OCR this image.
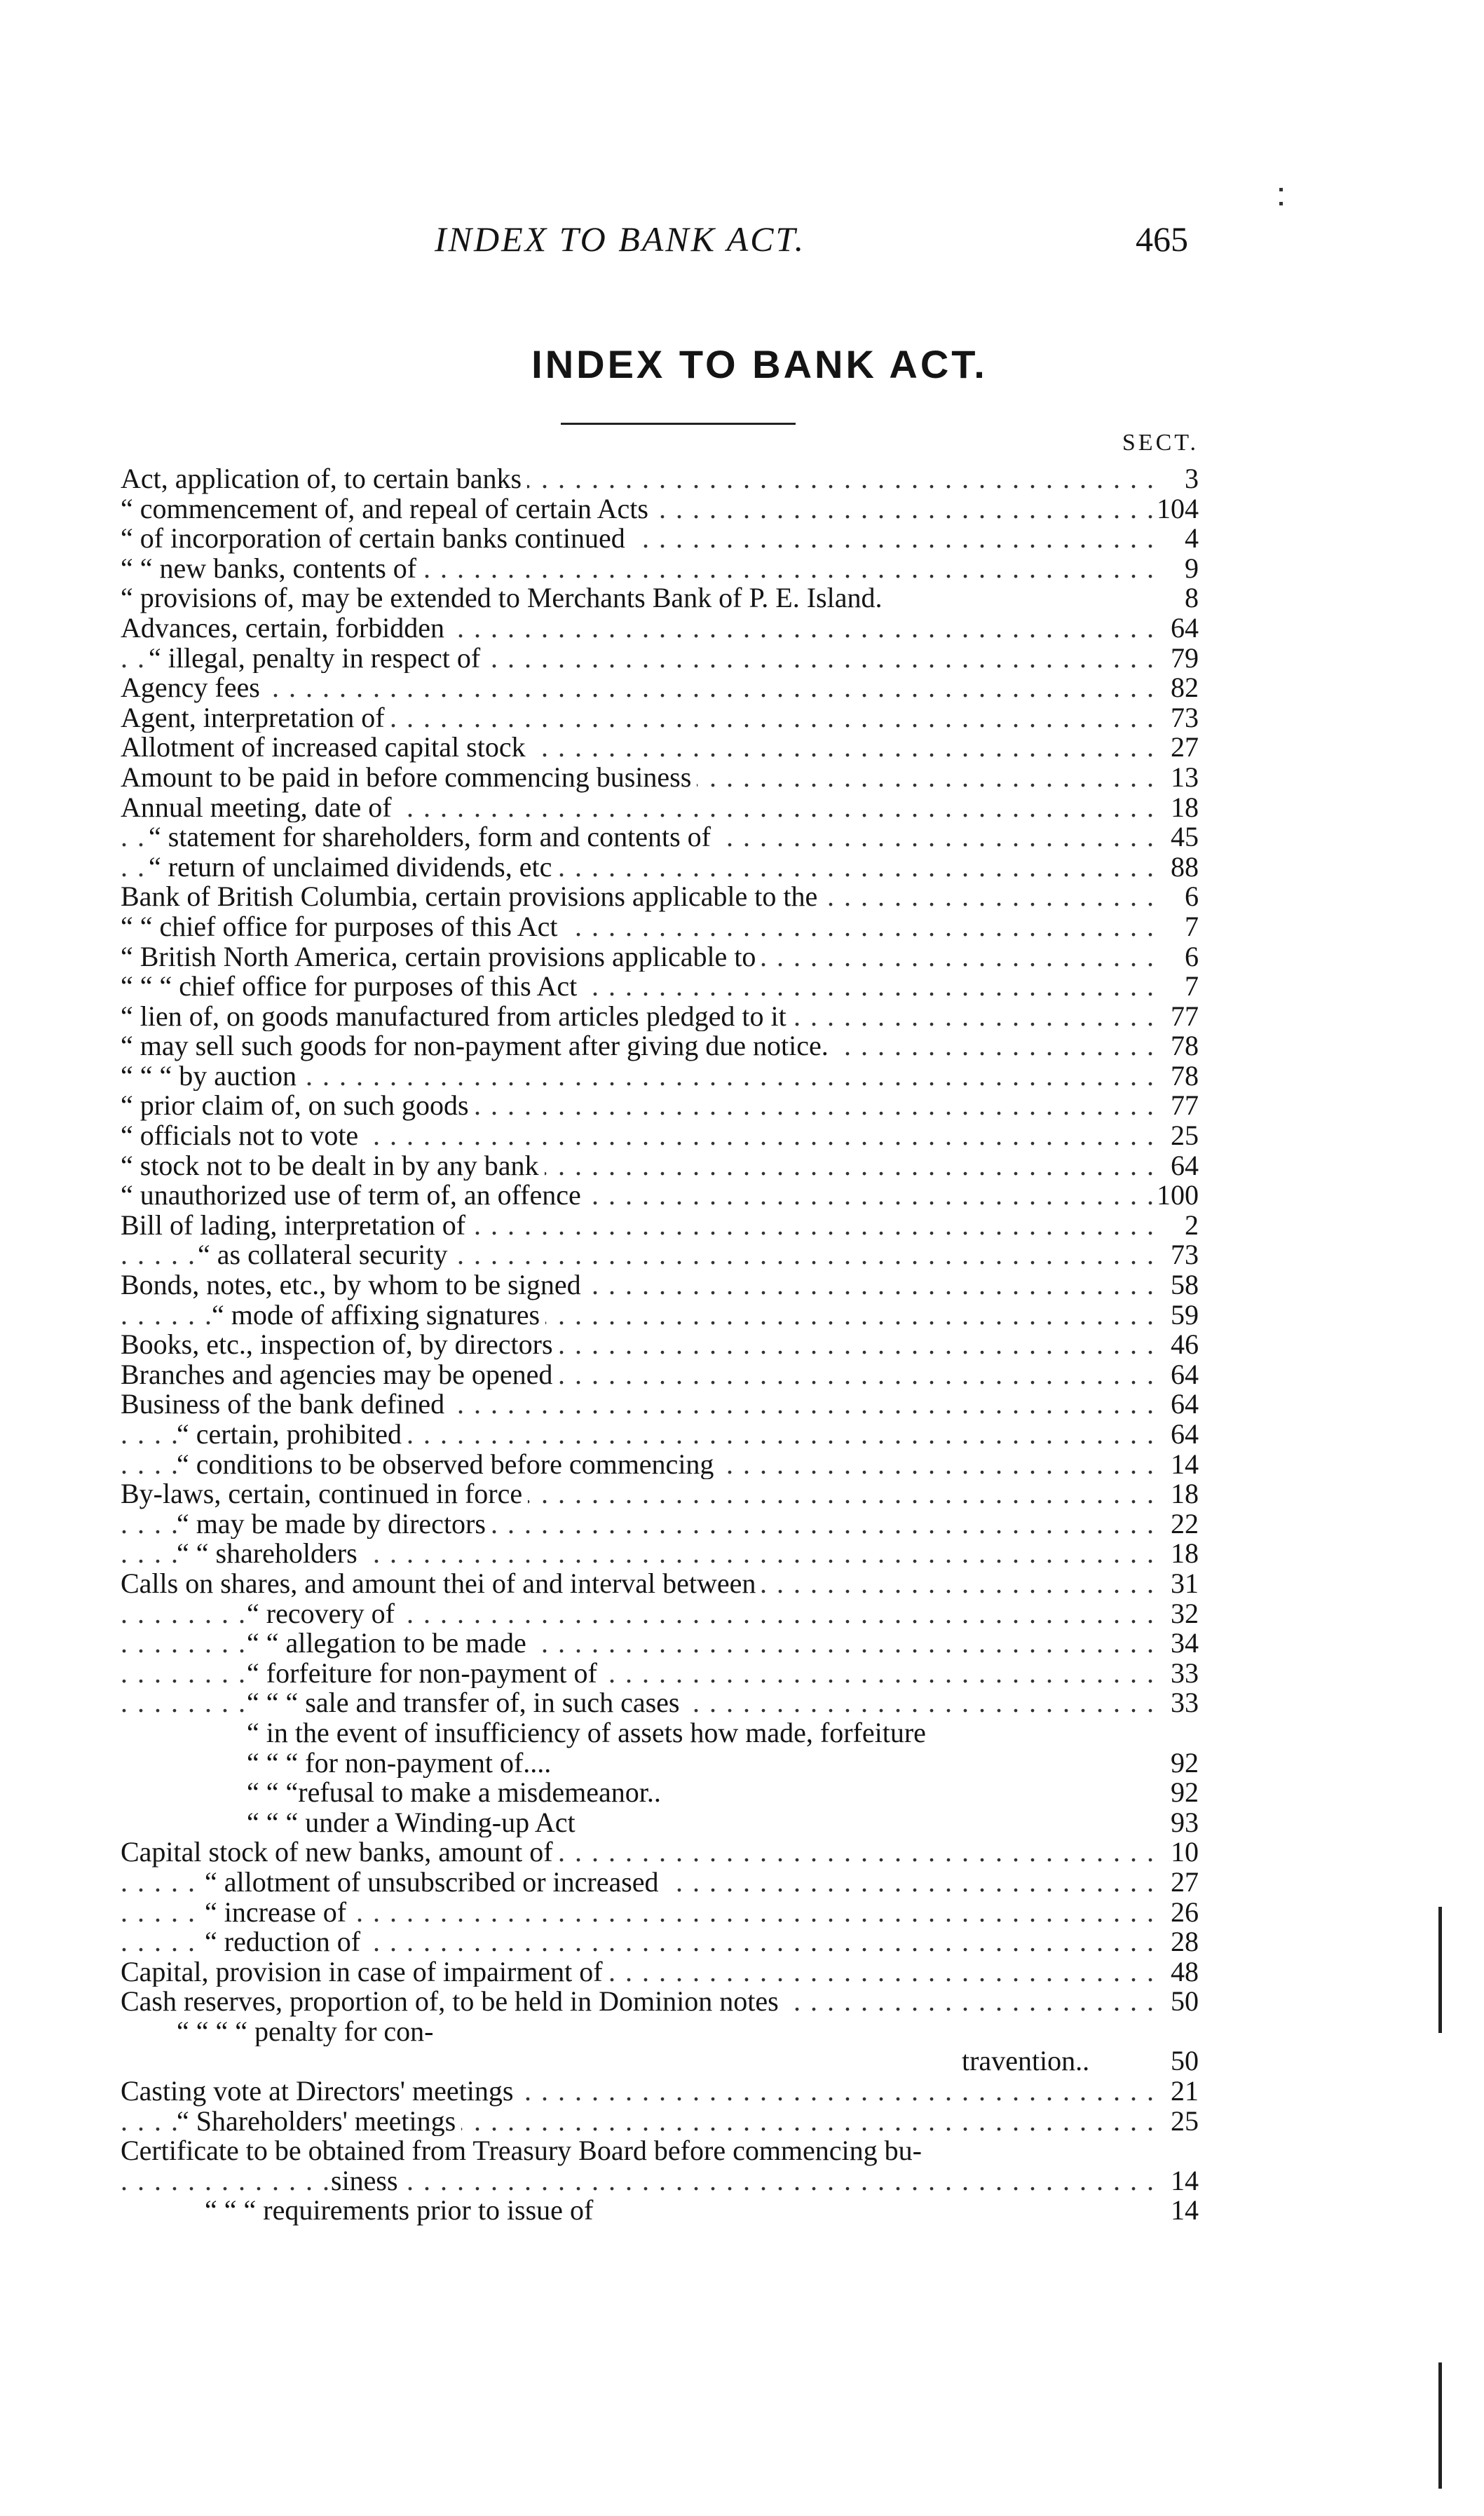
INDEX TO BANK ACT.	465
INDEX TO BANK ACT.
SECT.
. . .
Act, application of, to certain banks	3
. . .
“ commencement of, and repeal of certain Acts	104
. . .
“ of incorporation of certain banks continued	4
. . .
“ “ new banks, contents of	9
“ provisions of, may be extended to Merchants Bank of P. E. Island.	8
. . .
Advances, certain, forbidden	64
. . .
“ illegal, penalty in respect of	79
. . .
Agency fees	82
. . .
Agent, interpretation of	73
. . .
Allotment of increased capital stock	27
. . .
Amount to be paid in before commencing business	13
. . .
Annual meeting, date of	18
. . .
“ statement for shareholders, form and contents of	45
. . .
“ return of unclaimed dividends, etc	88
. . .
Bank of British Columbia, certain provisions applicable to the	6
. . .
“ “ chief office for purposes of this Act	7
. . .
“ British North America, certain provisions applicable to	6
. . .
“ “ “ chief office for purposes of this Act	7
. . .
“ lien of, on goods manufactured from articles pledged to it	77
. . .
“ may sell such goods for non-payment after giving due notice.	78
. . .
“ “ “ by auction	78
. . .
“ prior claim of, on such goods	77
. . .
“ officials not to vote	25
. . .
“ stock not to be dealt in by any bank	64
. . .
“ unauthorized use of term of, an offence	100
. . .
Bill of lading, interpretation of	2
. . .
“ as collateral security	73
. . .
Bonds, notes, etc., by whom to be signed	58
. . .
“ mode of affixing signatures	59
. . .
Books, etc., inspection of, by directors	46
. . .
Branches and agencies may be opened	64
. . .
Business of the bank defined	64
. . .
“ certain, prohibited	64
. . .
“ conditions to be observed before commencing	14
. . .
By-laws, certain, continued in force	18
. . .
“ may be made by directors	22
. . .
“ “ shareholders	18
. . .
Calls on shares, and amount thei of and interval between	31
. . .
“ recovery of	32
. . .
“ “ allegation to be made	34
. . .
“ forfeiture for non-payment of	33
. . .
“ “ “ sale and transfer of, in such cases	33
“ in the event of insufficiency of assets how made, forfeiture
“ “ “ for non-payment of....	92
“ “ “refusal to make a misdemeanor..	92
“ “ “ under a Winding-up Act	93
. . .
Capital stock of new banks, amount of	10
. . .
“ allotment of unsubscribed or increased	27
. . .
“ increase of	26
. . .
“ reduction of	28
. . .
Capital, provision in case of impairment of	48
. . .
Cash reserves, proportion of, to be held in Dominion notes	50
“ “ “ “ penalty for con-
travention..	50
. . .
Casting vote at Directors' meetings	21
. . .
“ Shareholders' meetings	25
Certificate to be obtained from Treasury Board before commencing bu-
. . .
siness	14
“ “ “ requirements prior to issue of	14
